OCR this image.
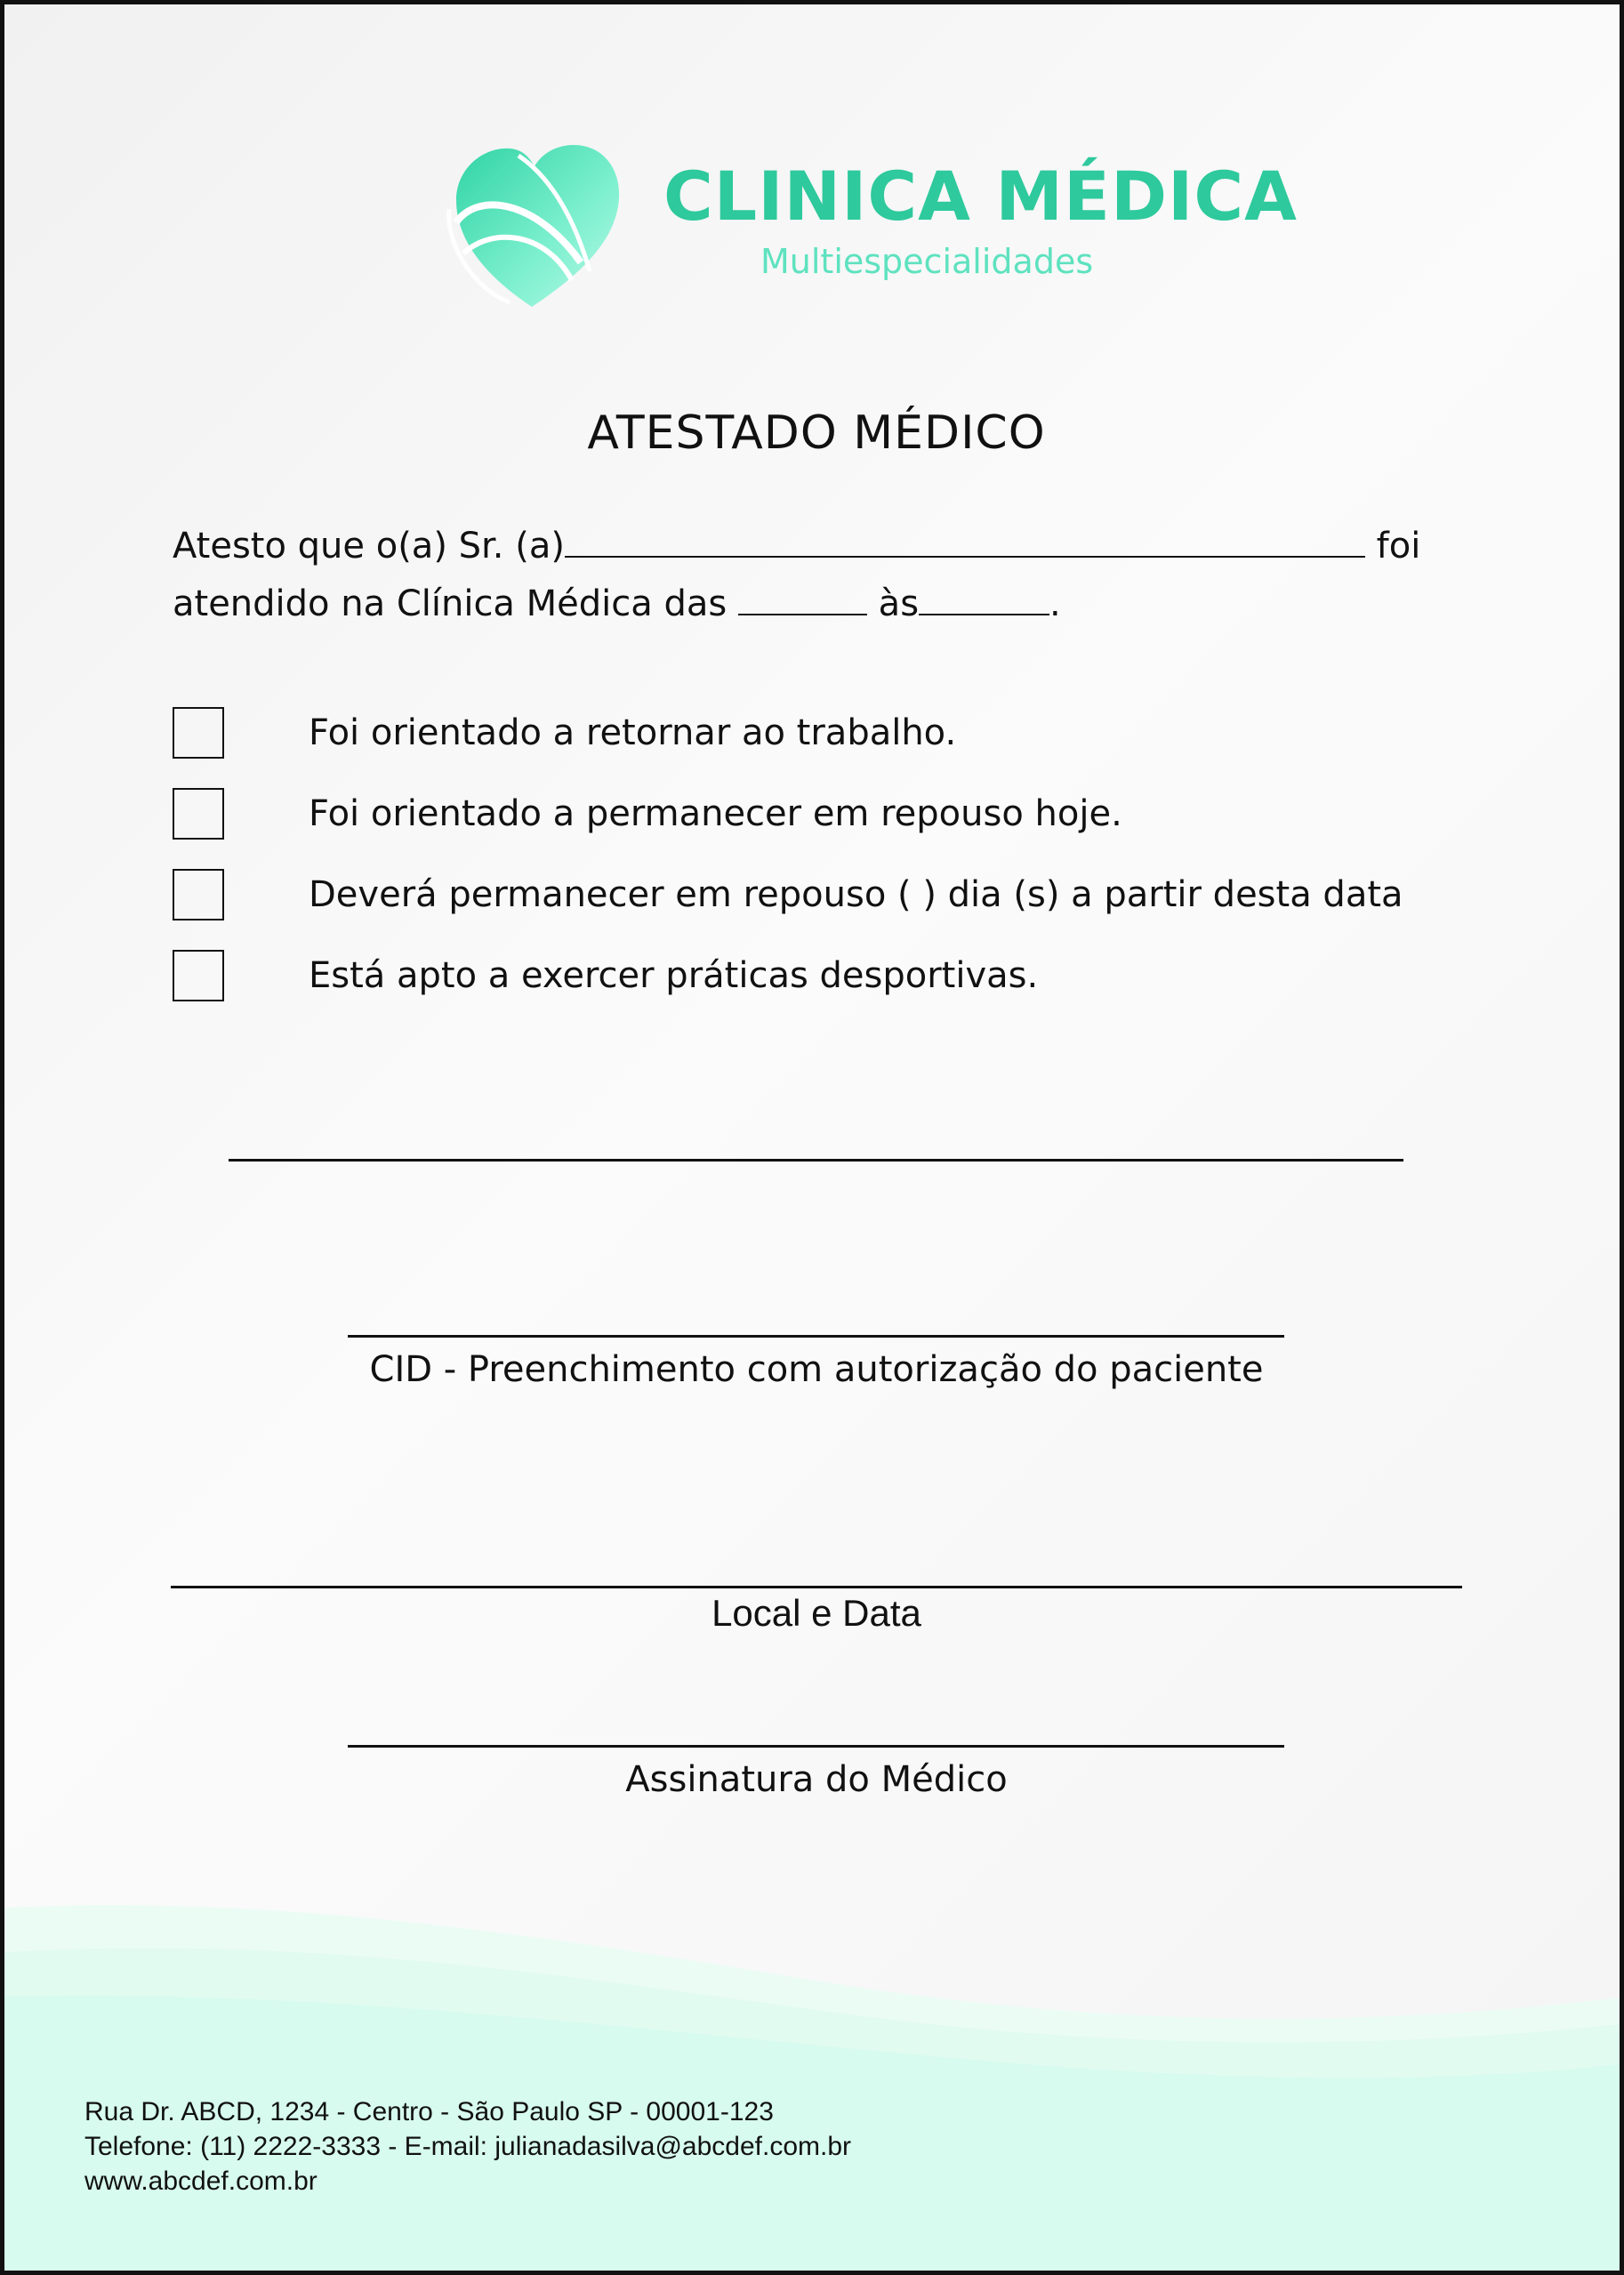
CLINICA MÉDICA
Multiespecialidades
ATESTADO MÉDICO
Atesto que o(a) Sr. (a)	foi
atendido na Clínica Médica das	às	.
Foi orientado a retornar ao trabalho.
Foi orientado a permanecer em repouso hoje.
Deverá permanecer em repouso ( ) dia (s) a partir desta data
Está apto a exercer práticas desportivas.
CID - Preenchimento com autorização do paciente
Local e Data
Assinatura do Médico
Rua Dr. ABCD, 1234 - Centro - São Paulo SP - 00001-123
Telefone: (11) 2222-3333 - E-mail: julianadasilva@abcdef.com.br
www.abcdef.com.br
